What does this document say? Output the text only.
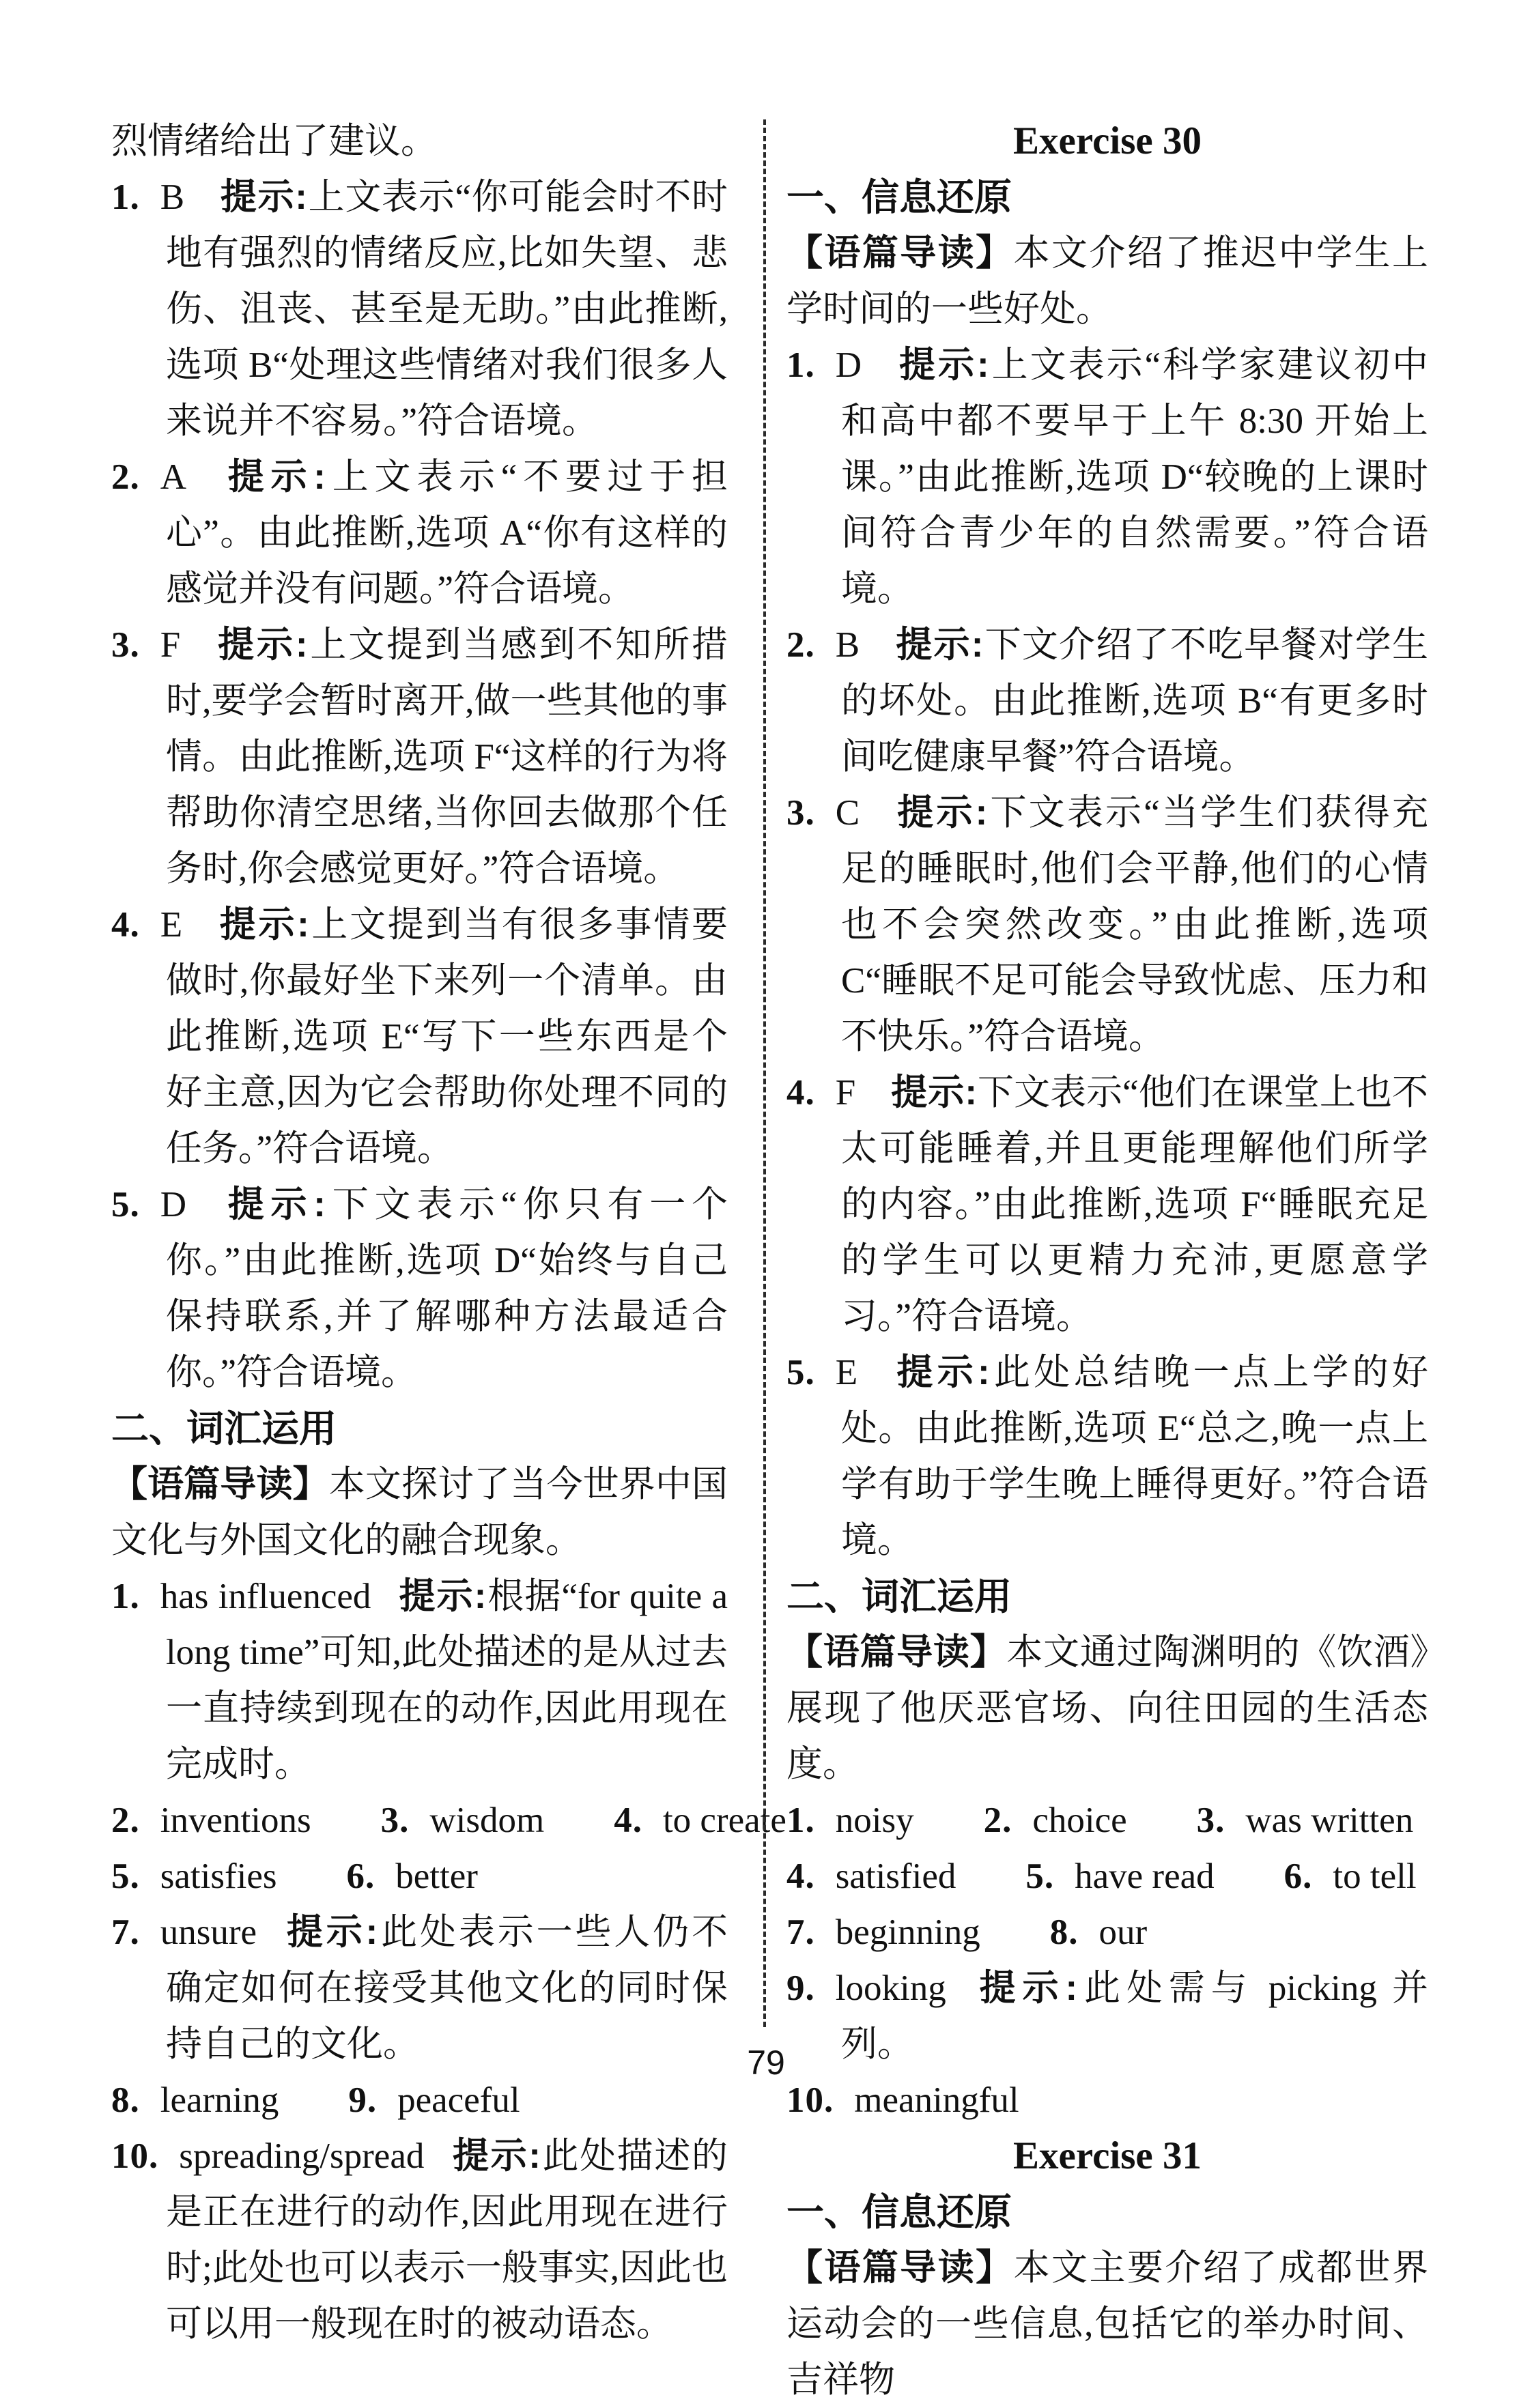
烈情绪给出了建议。
1. B 提示:上文表示“你可能会时不时地有强烈的情绪反应,比如失望、悲伤、沮丧、甚至是无助。”由此推断,选项 B“处理这些情绪对我们很多人来说并不容易。”符合语境。
2. A 提示:上文表示“不要过于担心”。由此推断,选项 A“你有这样的感觉并没有问题。”符合语境。
3. F 提示:上文提到当感到不知所措时,要学会暂时离开,做一些其他的事情。由此推断,选项 F“这样的行为将帮助你清空思绪,当你回去做那个任务时,你会感觉更好。”符合语境。
4. E 提示:上文提到当有很多事情要做时,你最好坐下来列一个清单。由此推断,选项 E“写下一些东西是个好主意,因为它会帮助你处理不同的任务。”符合语境。
5. D 提示:下文表示“你只有一个你。”由此推断,选项 D“始终与自己保持联系,并了解哪种方法最适合你。”符合语境。
二、词汇运用
【语篇导读】本文探讨了当今世界中国文化与外国文化的融合现象。
1. has influenced 提示:根据“for quite a long time”可知,此处描述的是从过去一直持续到现在的动作,因此用现在完成时。
2. inventions 3. wisdom 4. to create
5. satisfies 6. better
7. unsure 提示:此处表示一些人仍不确定如何在接受其他文化的同时保持自己的文化。
8. learning 9. peaceful
10. spreading/spread 提示:此处描述的是正在进行的动作,因此用现在进行时;此处也可以表示一般事实,因此也可以用一般现在时的被动语态。
Exercise 30
一、信息还原
【语篇导读】本文介绍了推迟中学生上学时间的一些好处。
1. D 提示:上文表示“科学家建议初中和高中都不要早于上午 8:30 开始上课。”由此推断,选项 D“较晚的上课时间符合青少年的自然需要。”符合语境。
2. B 提示:下文介绍了不吃早餐对学生的坏处。由此推断,选项 B“有更多时间吃健康早餐”符合语境。
3. C 提示:下文表示“当学生们获得充足的睡眠时,他们会平静,他们的心情也不会突然改变。”由此推断,选项 C“睡眠不足可能会导致忧虑、压力和不快乐。”符合语境。
4. F 提示:下文表示“他们在课堂上也不太可能睡着,并且更能理解他们所学的内容。”由此推断,选项 F“睡眠充足的学生可以更精力充沛,更愿意学习。”符合语境。
5. E 提示:此处总结晚一点上学的好处。由此推断,选项 E“总之,晚一点上学有助于学生晚上睡得更好。”符合语境。
二、词汇运用
【语篇导读】本文通过陶渊明的《饮酒》展现了他厌恶官场、向往田园的生活态度。
1. noisy 2. choice 3. was written
4. satisfied 5. have read 6. to tell
7. beginning 8. our
9. looking 提示:此处需与 picking 并列。
10. meaningful
Exercise 31
一、信息还原
【语篇导读】本文主要介绍了成都世界运动会的一些信息,包括它的举办时间、吉祥物
79
